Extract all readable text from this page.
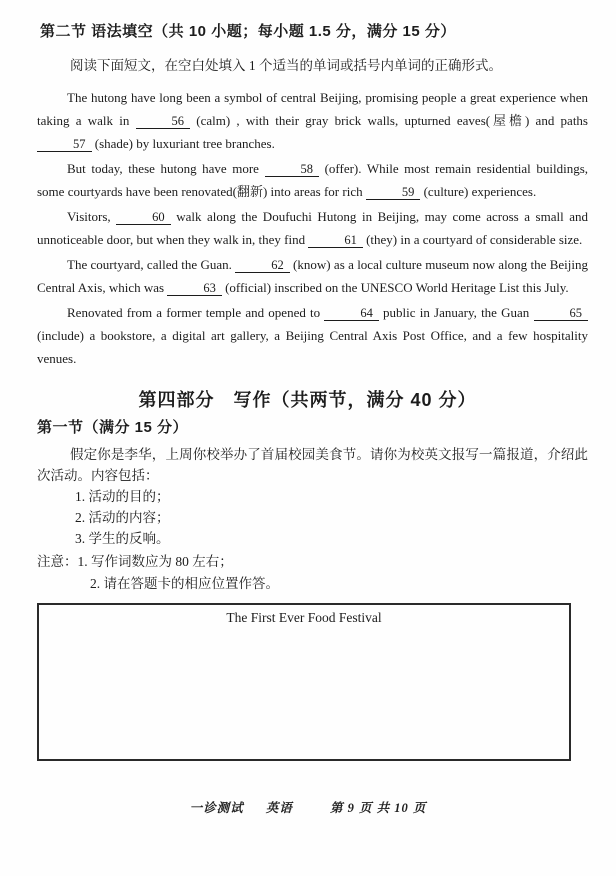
第二节 语法填空（共 10 小题；每小题 1.5 分，满分 15 分）

阅读下面短文，在空白处填入 1 个适当的单词或括号内单词的正确形式。

The hutong have long been a symbol of central Beijing, promising people a great experience when taking a walk in	56 (calm) , with their gray brick walls, upturned eaves(屋檐) and paths 57 (shade) by luxuriant tree branches.

But today, these hutong have more	58 (offer). While most remain residential buildings, some courtyards have been renovated(翻新) into areas for rich	59 (culture) experiences.

Visitors,	60 walk along the Doufuchi Hutong in Beijing, may come across a small and unnoticeable door, but when they walk in, they find	61 (they) in a courtyard of considerable size.

The courtyard, called the Guan.	62 (know) as a local culture museum now along the Beijing Central Axis, which was	63 (official) inscribed on the UNESCO World Heritage List this July.

Renovated from a former temple and opened to	64 public in January, the Guan	65 (include) a bookstore, a digital art gallery, a Beijing Central Axis Post Office, and a few hospitality venues.

第四部分　写作（共两节，满分 40 分）
第一节（满分 15 分）

假定你是李华，上周你校举办了首届校园美食节。请你为校英文报写一篇报道，介绍此次活动。内容包括：

1. 活动的目的；

2. 活动的内容；

3. 学生的反响。

注意：1. 写作词数应为 80 左右；

2. 请在答题卡的相应位置作答。

The First Ever Food Festival
一诊测试 英语	第 9 页 共 10 页
